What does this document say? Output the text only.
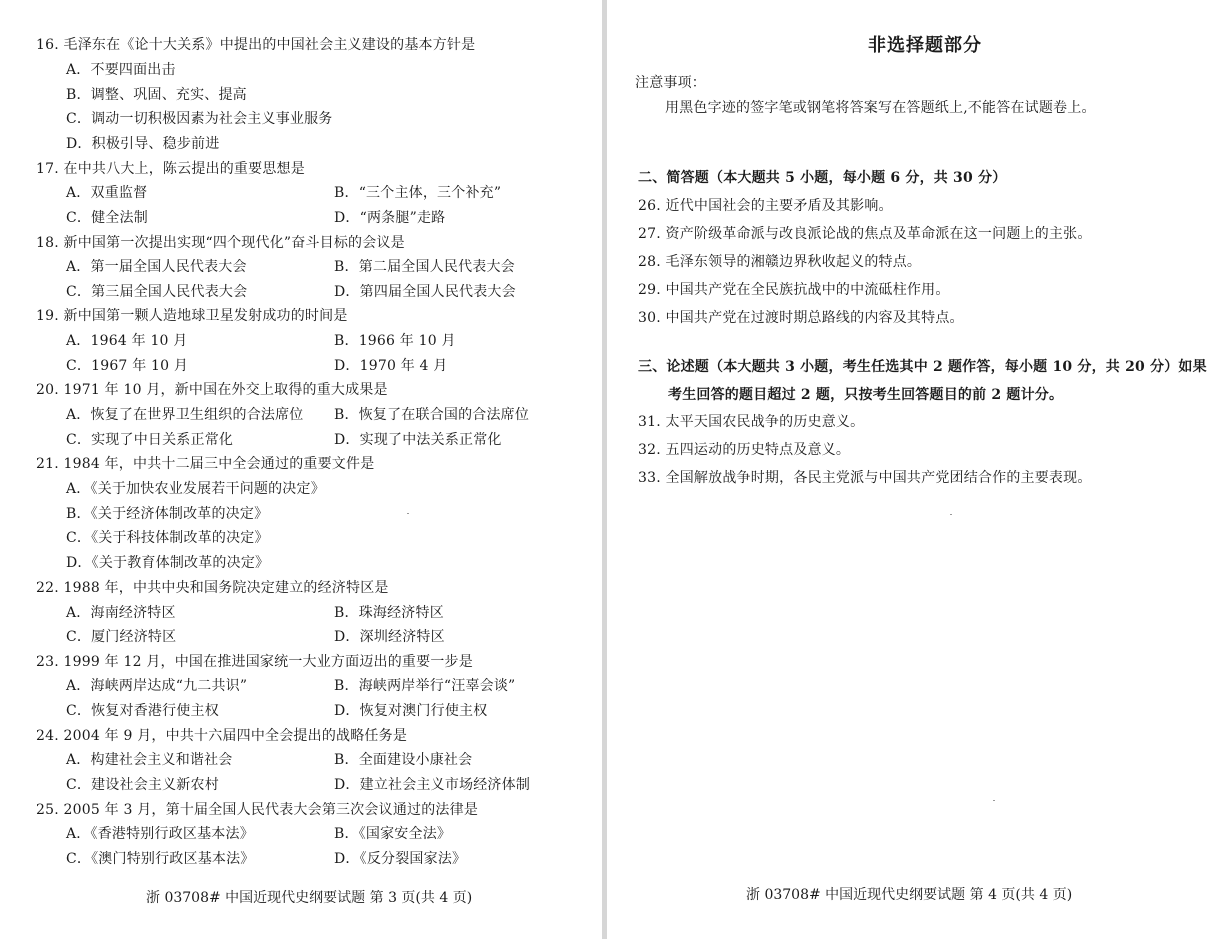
16. 毛泽东在《论十大关系》中提出的中国社会主义建设的基本方针是
A．不要四面出击
B．调整、巩固、充实、提高
C．调动一切积极因素为社会主义事业服务
D．积极引导、稳步前进
17. 在中共八大上，陈云提出的重要思想是
A．双重监督	B．“三个主体，三个补充”
C．健全法制	D．“两条腿”走路
18. 新中国第一次提出实现“四个现代化”奋斗目标的会议是
A．第一届全国人民代表大会	B．第二届全国人民代表大会
C．第三届全国人民代表大会	D．第四届全国人民代表大会
19. 新中国第一颗人造地球卫星发射成功的时间是
A．1964 年 10 月	B．1966 年 10 月
C．1967 年 10 月	D．1970 年 4 月
20. 1971 年 10 月，新中国在外交上取得的重大成果是
A．恢复了在世界卫生组织的合法席位 B．恢复了在联合国的合法席位
C．实现了中日关系正常化	D．实现了中法关系正常化
21. 1984 年，中共十二届三中全会通过的重要文件是
A．《关于加快农业发展若干问题的决定》
B．《关于经济体制改革的决定》
C．《关于科技体制改革的决定》
D．《关于教育体制改革的决定》
22. 1988 年，中共中央和国务院决定建立的经济特区是
A．海南经济特区	B．珠海经济特区
C．厦门经济特区	D．深圳经济特区
23. 1999 年 12 月，中国在推进国家统一大业方面迈出的重要一步是
A．海峡两岸达成“九二共识”	B．海峡两岸举行“汪辜会谈”
C．恢复对香港行使主权	D．恢复对澳门行使主权
24. 2004 年 9 月，中共十六届四中全会提出的战略任务是
A．构建社会主义和谐社会	B．全面建设小康社会
C．建设社会主义新农村	D．建立社会主义市场经济体制
25. 2005 年 3 月，第十届全国人民代表大会第三次会议通过的法律是
A．《香港特别行政区基本法》	B．《国家安全法》
C．《澳门特别行政区基本法》	D．《反分裂国家法》
浙 03708# 中国近现代史纲要试题 第 3 页(共 4 页)
非选择题部分
注意事项：
用黑色字迹的签字笔或钢笔将答案写在答题纸上,不能答在试题卷上。
二、简答题（本大题共 5 小题，每小题 6 分，共 30 分）
26. 近代中国社会的主要矛盾及其影响。
27. 资产阶级革命派与改良派论战的焦点及革命派在这一问题上的主张。
28. 毛泽东领导的湘赣边界秋收起义的特点。
29. 中国共产党在全民族抗战中的中流砥柱作用。
30. 中国共产党在过渡时期总路线的内容及其特点。
三、论述题（本大题共 3 小题，考生任选其中 2 题作答，每小题 10 分，共 20 分）如果
考生回答的题目超过 2 题，只按考生回答题目的前 2 题计分。
31. 太平天国农民战争的历史意义。
32. 五四运动的历史特点及意义。
33. 全国解放战争时期，各民主党派与中国共产党团结合作的主要表现。
浙 03708# 中国近现代史纲要试题 第 4 页(共 4 页)
